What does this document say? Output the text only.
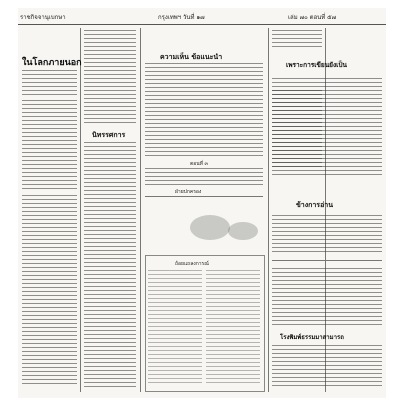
ราชกิจจานุเบกษา	กรุงเทพฯ วันที่ ๑๗	เล่ม ๗๐ ตอนที่ ๕๗
ในโลกภายนอก
นิทรรศการ
ความเห็น ข้อแนะนำ
ตอนที่ ๓
ฝ่ายปกครอง
ถ้อยแถลงการณ์
เพราะการเขียนยังเป็น
ข้างการอ่าน
โรงพิมพ์ธรรมมาสามารถ
